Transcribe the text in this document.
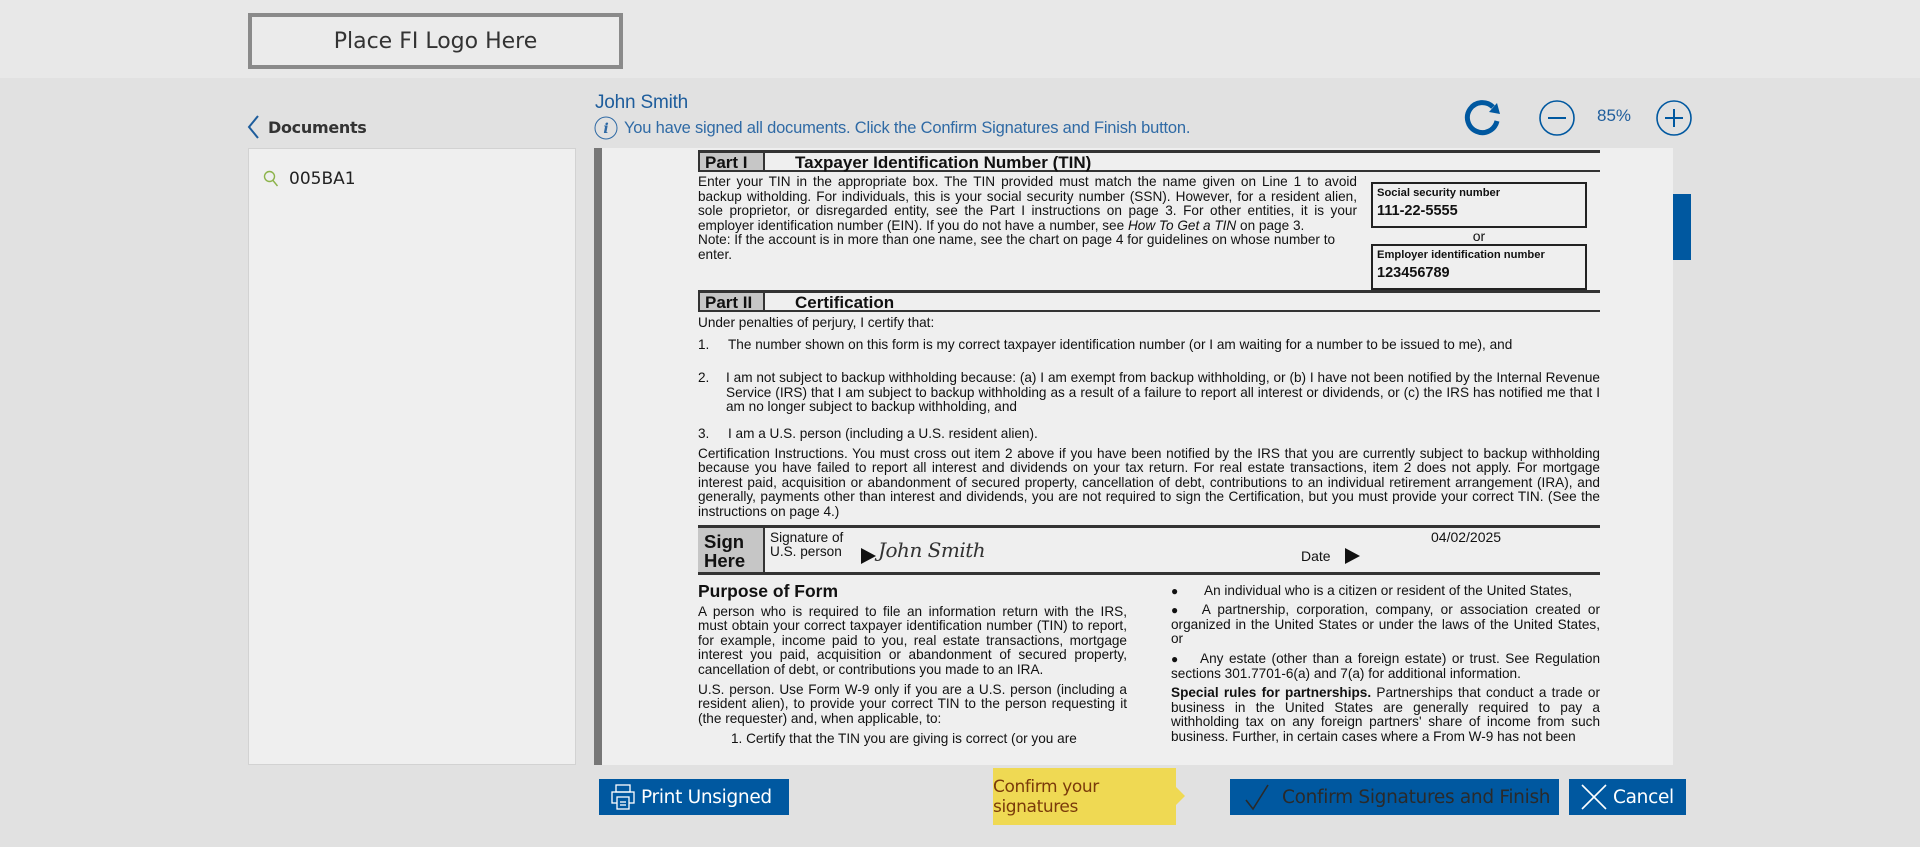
Place FI Logo Here
Documents
005BA1
John Smith
i You have signed all documents. Click the Confirm Signatures and Finish button.
85%
Part I	Taxpayer Identification Number (TIN)
Enter your TIN in the appropriate box. The TIN provided must match the name given on Line 1 to avoid backup witholding. For individuals, this is your social security number (SSN). However, for a resident alien, sole proprietor, or disregarded entity, see the Part I instructions on page 3. For other entities, it is your employer identification number (EIN). If you do not have a number, see How To Get a TIN on page 3.
Note: If the account is in more than one name, see the chart on page 4 for guidelines on whose number to enter.
Social security number
111-22-5555
or
Employer identification number
123456789
Part II	Certification
Under penalties of perjury, I certify that:
1.	The number shown on this form is my correct taxpayer identification number (or I am waiting for a number to be issued to me), and
2.	I am not subject to backup withholding because: (a) I am exempt from backup withholding, or (b) I have not been notified by the Internal Revenue Service (IRS) that I am subject to backup withholding as a result of a failure to report all interest or dividends, or (c) the IRS has notified me that I am no longer subject to backup withholding, and
3.	I am a U.S. person (including a U.S. resident alien).
Certification Instructions. You must cross out item 2 above if you have been notified by the IRS that you are currently subject to backup withholding because you have failed to report all interest and dividends on your tax return. For real estate transactions, item 2 does not apply. For mortgage interest paid, acquisition or abandonment of secured property, cancellation of debt, contributions to an individual retirement arrangement (IRA), and generally, payments other than interest and dividends, you are not required to sign the Certification, but you must provide your correct TIN. (See the instructions on page 4.)
Sign
Here
Signature of
U.S. person John Smith	Date
04/02/2025
Purpose of Form
A person who is required to file an information return with the IRS, must obtain your correct taxpayer identification number (TIN) to report, for example, income paid to you, real estate transactions, mortgage interest you paid, acquisition or abandonment of secured property, cancellation of debt, or contributions you made to an IRA.
U.S. person. Use Form W-9 only if you are a U.S. person (including a resident alien), to provide your correct TIN to the person requesting it (the requester) and, when applicable, to:
1. Certify that the TIN you are giving is correct (or you are
●	An individual who is a citizen or resident of the United States,
● A partnership, corporation, company, or association created or organized in the United States or under the laws of the United States, or
● Any estate (other than a foreign estate) or trust. See Regulation sections 301.7701-6(a) and 7(a) for additional information.
Special rules for partnerships. Partnerships that conduct a trade or business in the United States are generally required to pay a withholding tax on any foreign partners' share of income from such business. Further, in certain cases where a From W-9 has not been
Print Unsigned	Confirm your signatures	Confirm Signatures and Finish	Cancel
